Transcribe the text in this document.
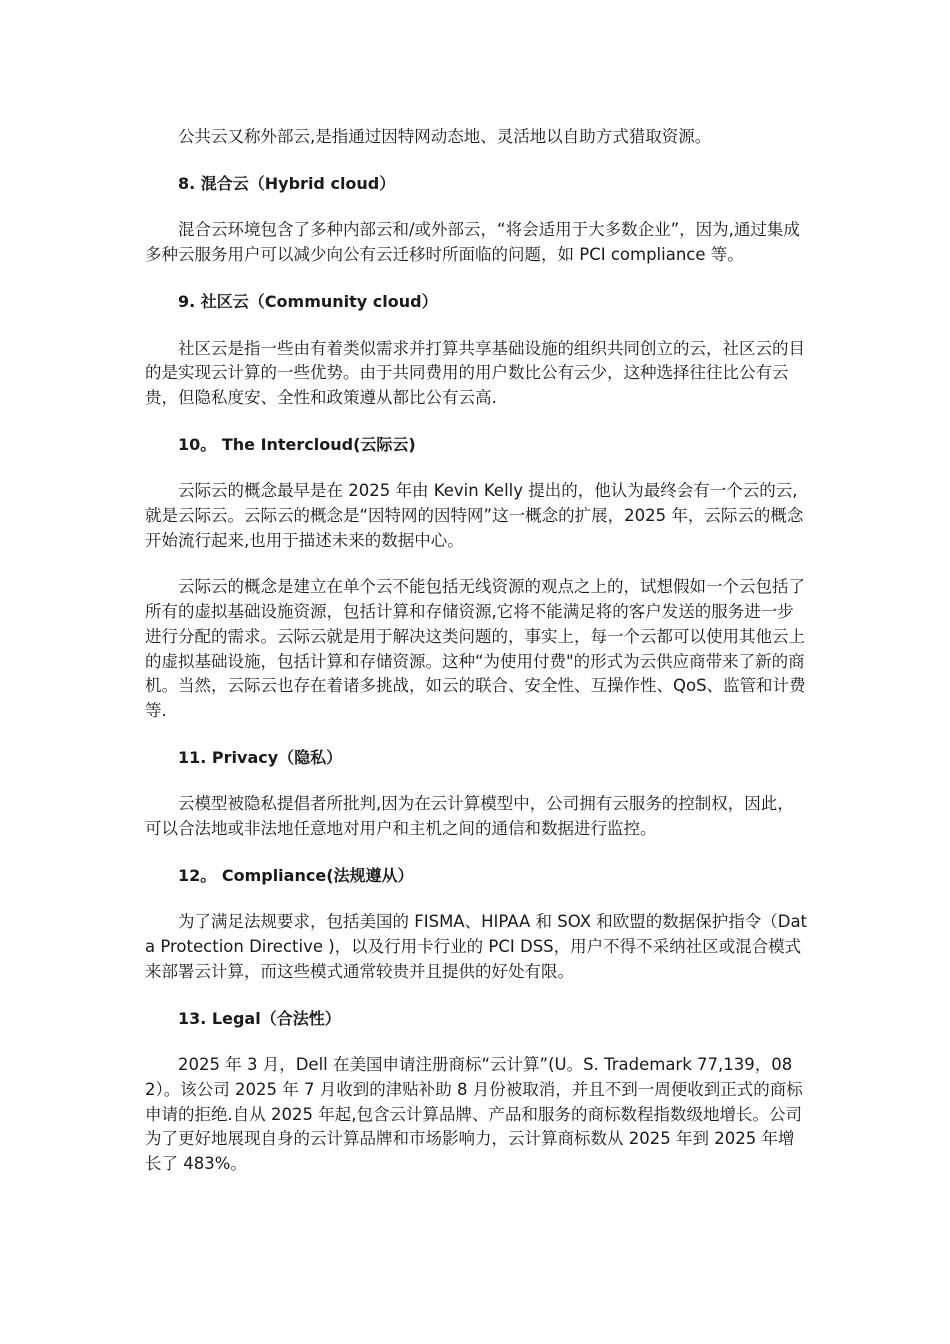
公共云又称外部云,是指通过因特网动态地、灵活地以自助方式猎取资源。

8. 混合云（Hybrid cloud）

混合云环境包含了多种内部云和/或外部云，“将会适用于大多数企业”，因为,通过集成多种云服务用户可以减少向公有云迁移时所面临的问题，如 PCI compliance 等。

9. 社区云（Community cloud）

社区云是指一些由有着类似需求并打算共享基础设施的组织共同创立的云，社区云的目的是实现云计算的一些优势。由于共同费用的用户数比公有云少，这种选择往往比公有云贵，但隐私度安、全性和政策遵从都比公有云高.

10。 The Intercloud(云际云)

云际云的概念最早是在 2025 年由 Kevin Kelly 提出的，他认为最终会有一个云的云,就是云际云。云际云的概念是“因特网的因特网”这一概念的扩展，2025 年，云际云的概念开始流行起来,也用于描述未来的数据中心。

云际云的概念是建立在单个云不能包括无线资源的观点之上的，试想假如一个云包括了所有的虚拟基础设施资源，包括计算和存储资源,它将不能满足将的客户发送的服务进一步进行分配的需求。云际云就是用于解决这类问题的，事实上，每一个云都可以使用其他云上的虚拟基础设施，包括计算和存储资源。这种“为使用付费"的形式为云供应商带来了新的商机。当然，云际云也存在着诸多挑战，如云的联合、安全性、互操作性、QoS、监管和计费等.

11. Privacy（隐私）

云模型被隐私提倡者所批判,因为在云计算模型中，公司拥有云服务的控制权，因此，可以合法地或非法地任意地对用户和主机之间的通信和数据进行监控。

12。 Compliance(法规遵从）

为了满足法规要求，包括美国的 FISMA、HIPAA 和 SOX 和欧盟的数据保护指令（Data Protection Directive )，以及行用卡行业的 PCI DSS，用户不得不采纳社区或混合模式来部署云计算，而这些模式通常较贵并且提供的好处有限。

13. Legal（合法性）

2025 年 3 月，Dell 在美国申请注册商标“云计算”(U。S. Trademark 77,139，082）。该公司 2025 年 7 月收到的津贴补助 8 月份被取消，并且不到一周便收到正式的商标申请的拒绝.自从 2025 年起,包含云计算品牌、产品和服务的商标数程指数级地增长。公司为了更好地展现自身的云计算品牌和市场影响力，云计算商标数从 2025 年到 2025 年增长了 483%。
